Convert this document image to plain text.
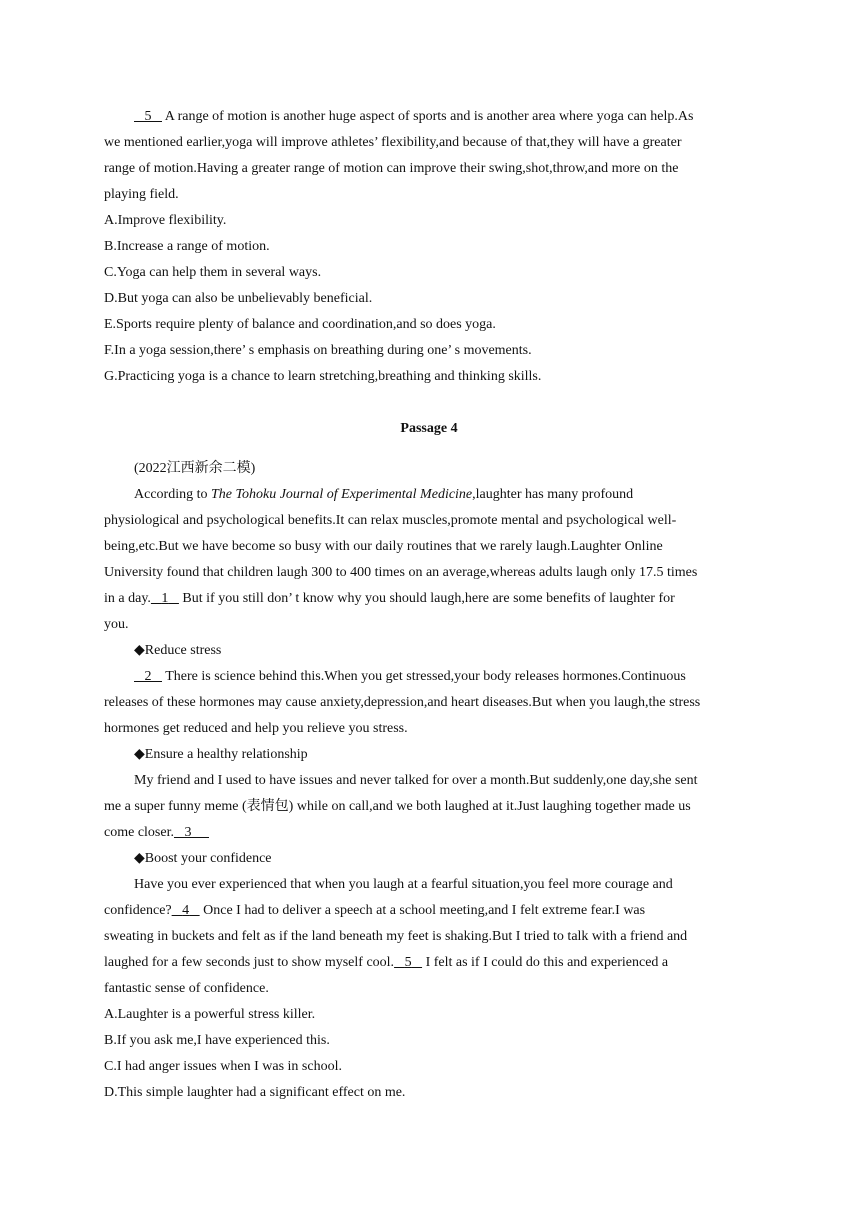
5    A range of motion is another huge aspect of sports and is another area where yoga can help.As

we mentioned earlier,yoga will improve athletes’ flexibility,and because of that,they will have a greater

range of motion.Having a greater range of motion can improve their swing,shot,throw,and more on the

playing field.

A.Improve flexibility.

B.Increase a range of motion.

C.Yoga can help them in several ways.

D.But yoga can also be unbelievably beneficial.

E.Sports require plenty of balance and coordination,and so does yoga.

F.In a yoga session,there’ s emphasis on breathing during one’ s movements.

G.Practicing yoga is a chance to learn stretching,breathing and thinking skills.

Passage 4

(2022江西新余二模)

According to The Tohoku Journal of Experimental Medicine,laughter has many profound

physiological and psychological benefits.It can relax muscles,promote mental and psychological well-

being,etc.But we have become so busy with our daily routines that we rarely laugh.Laughter Online

University found that children laugh 300 to 400 times on an average,whereas adults laugh only 17.5 times

in a day. 1    But if you still don’ t know why you should laugh,here are some benefits of laughter for

you.

◆Reduce stress

2    There is science behind this.When you get stressed,your body releases hormones.Continuous

releases of these hormones may cause anxiety,depression,and heart diseases.But when you laugh,the stress

hormones get reduced and help you relieve you stress.

◆Ensure a healthy relationship

My friend and I used to have issues and never talked for over a month.But suddenly,one day,she sent

me a super funny meme (表情包) while on call,and we both laughed at it.Just laughing together made us

come closer. 3

◆Boost your confidence

Have you ever experienced that when you laugh at a fearful situation,you feel more courage and

confidence? 4    Once I had to deliver a speech at a school meeting,and I felt extreme fear.I was

sweating in buckets and felt as if the land beneath my feet is shaking.But I tried to talk with a friend and

laughed for a few seconds just to show myself cool. 5    I felt as if I could do this and experienced a

fantastic sense of confidence.

A.Laughter is a powerful stress killer.

B.If you ask me,I have experienced this.

C.I had anger issues when I was in school.

D.This simple laughter had a significant effect on me.
